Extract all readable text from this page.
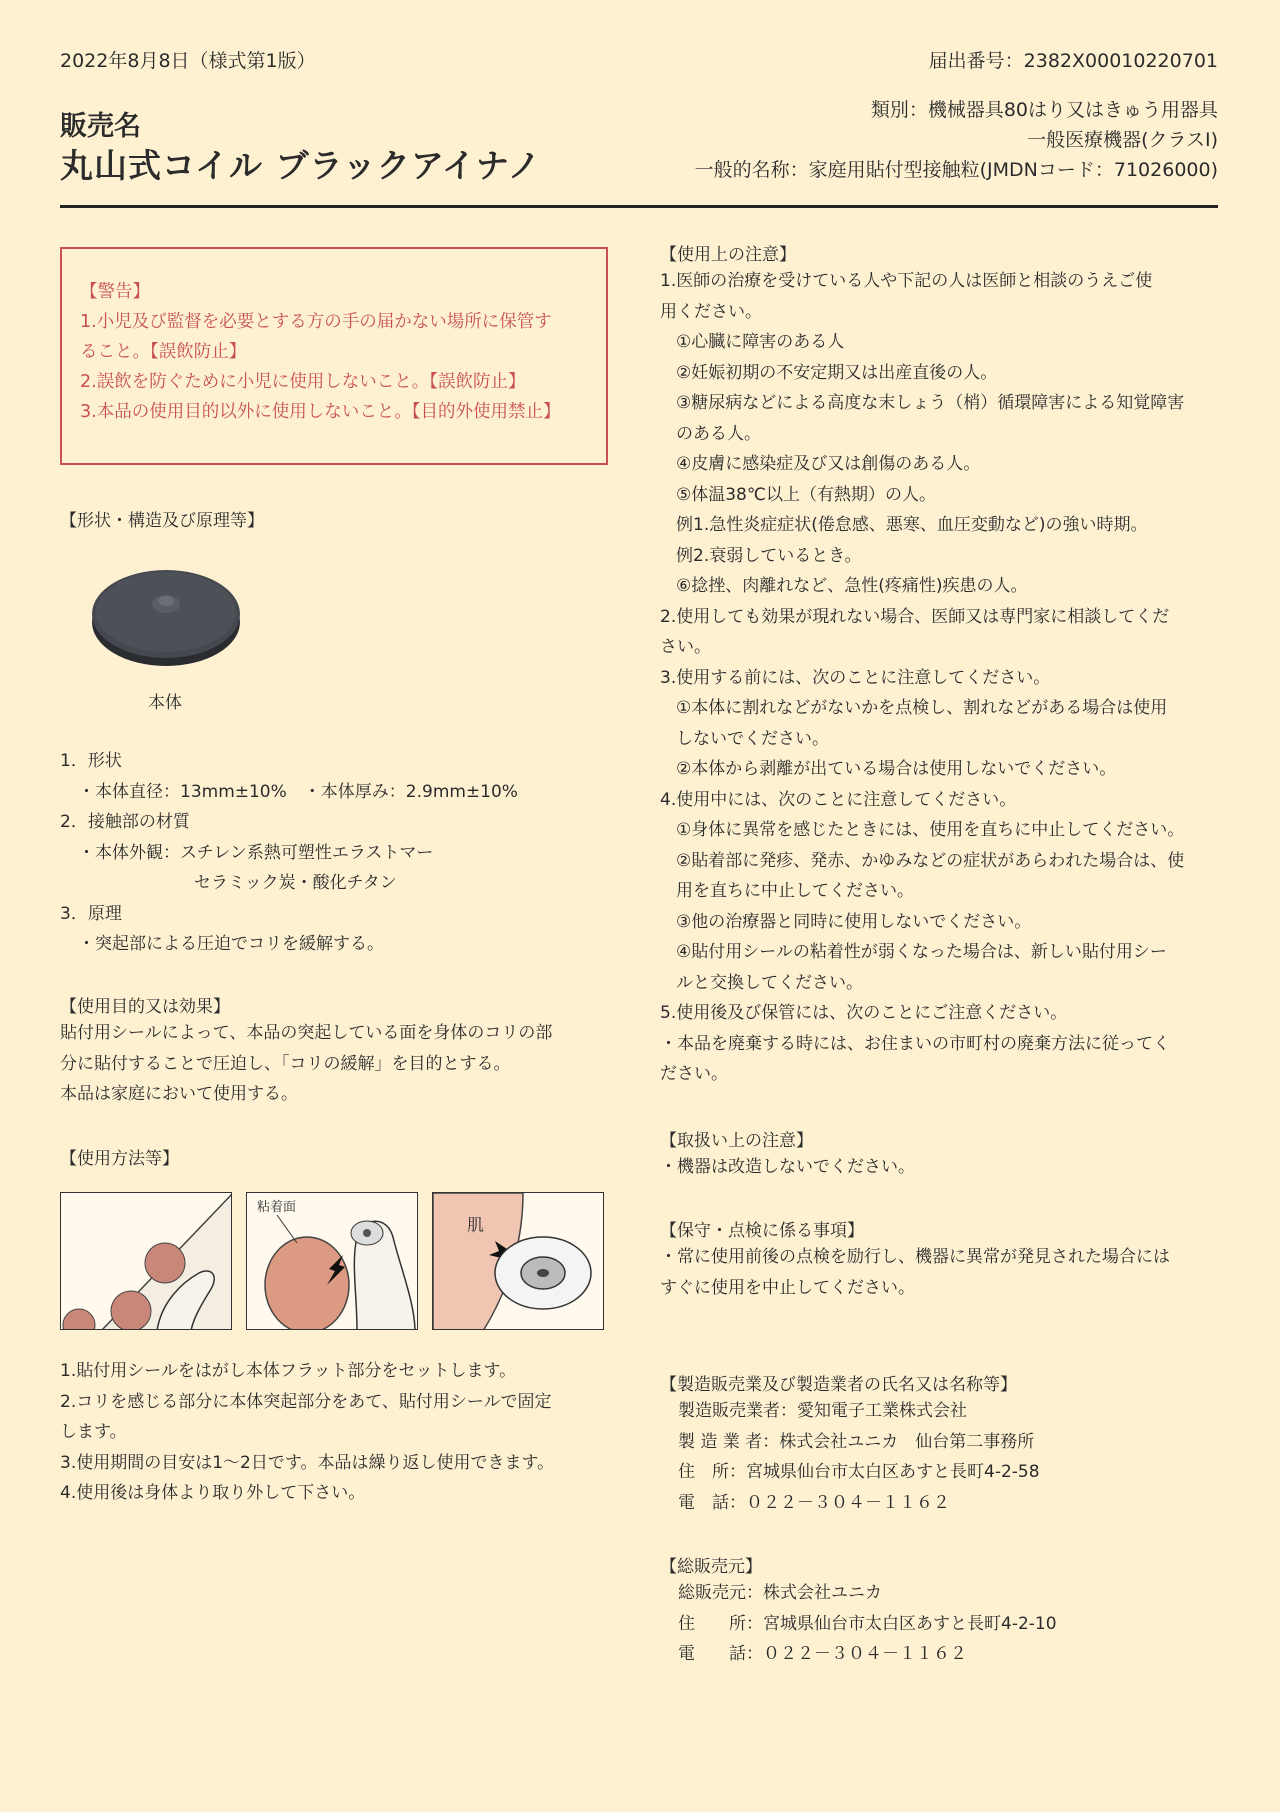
2022年8月8日（様式第1版）	届出番号：2382X00010220701
販売名
丸山式コイル ブラックアイナノ
類別：機械器具80はり又はきゅう用器具
一般医療機器(クラスⅠ)
一般的名称：家庭用貼付型接触粒(JMDNコード：71026000)
【警告】
1.小児及び監督を必要とする方の手の届かない場所に保管す
ること。【誤飲防止】
2.誤飲を防ぐために小児に使用しないこと。【誤飲防止】
3.本品の使用目的以外に使用しないこと。【目的外使用禁止】
【形状・構造及び原理等】
本体
1．形状
・本体直径：13mm±10%　・本体厚み：2.9mm±10%
2．接触部の材質
・本体外観：スチレン系熱可塑性エラストマー
セラミック炭・酸化チタン
3．原理
・突起部による圧迫でコリを緩解する。
【使用目的又は効果】
貼付用シールによって、本品の突起している面を身体のコリの部
分に貼付することで圧迫し、「コリの緩解」を目的とする。
本品は家庭において使用する。
【使用方法等】
粘着面
肌
1.貼付用シールをはがし本体フラット部分をセットします。
2.コリを感じる部分に本体突起部分をあて、貼付用シールで固定
します。
3.使用期間の目安は1～2日です。本品は繰り返し使用できます。
4.使用後は身体より取り外して下さい。
【使用上の注意】
1.医師の治療を受けている人や下記の人は医師と相談のうえご使
用ください。
①心臓に障害のある人
②妊娠初期の不安定期又は出産直後の人。
③糖尿病などによる高度な末しょう（梢）循環障害による知覚障害
のある人。
④皮膚に感染症及び又は創傷のある人。
⑤体温38℃以上（有熱期）の人。
例1.急性炎症症状(倦怠感、悪寒、血圧変動など)の強い時期。
例2.衰弱しているとき。
⑥捻挫、肉離れなど、急性(疼痛性)疾患の人。
2.使用しても効果が現れない場合、医師又は専門家に相談してくだ
さい。
3.使用する前には、次のことに注意してください。
①本体に割れなどがないかを点検し、割れなどがある場合は使用
しないでください。
②本体から剥離が出ている場合は使用しないでください。
4.使用中には、次のことに注意してください。
①身体に異常を感じたときには、使用を直ちに中止してください。
②貼着部に発疹、発赤、かゆみなどの症状があらわれた場合は、使
用を直ちに中止してください。
③他の治療器と同時に使用しないでください。
④貼付用シールの粘着性が弱くなった場合は、新しい貼付用シー
ルと交換してください。
5.使用後及び保管には、次のことにご注意ください。
・本品を廃棄する時には、お住まいの市町村の廃棄方法に従ってく
ださい。
【取扱い上の注意】
・機器は改造しないでください。
【保守・点検に係る事項】
・常に使用前後の点検を励行し、機器に異常が発見された場合には
すぐに使用を中止してください。
【製造販売業及び製造業者の氏名又は名称等】
製造販売業者：愛知電子工業株式会社
製 造 業 者：株式会社ユニカ　仙台第二事務所
住　所：宮城県仙台市太白区あすと長町4-2-58
電　話：０２２－３０４－１１６２
【総販売元】
総販売元：株式会社ユニカ
住　　所：宮城県仙台市太白区あすと長町4-2-10
電　　話：０２２－３０４－１１６２
